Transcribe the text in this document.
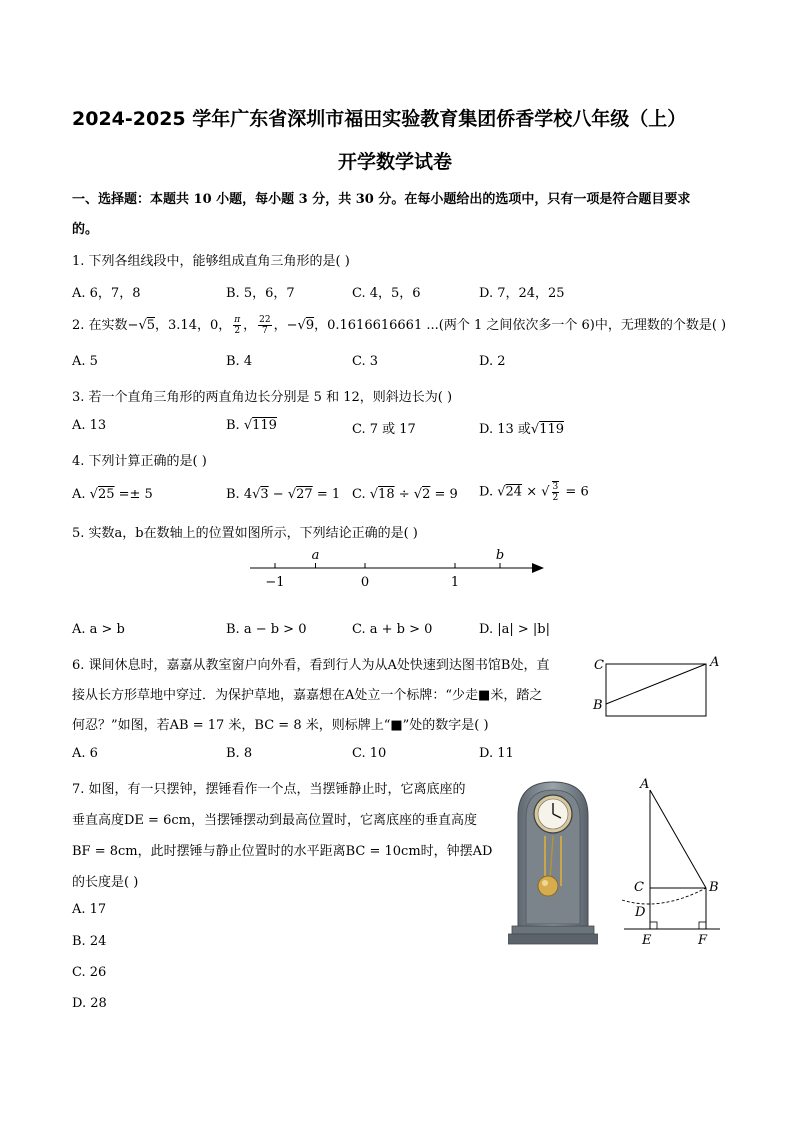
2024-2025 学年广东省深圳市福田实验教育集团侨香学校八年级（上）
开学数学试卷
一、选择题：本题共 10 小题，每小题 3 分，共 30 分。在每小题给出的选项中，只有一项是符合题目要求
的。
1. 下列各组线段中，能够组成直角三角形的是( )
A. 6，7，8	B. 5，6，7	C. 4，5，6	D. 7，24，25
2. 在实数−√5，3.14，0， $\frac{\pi}{2}$ ， $\frac{22}{7}$ ，−√9，0.1616616661 ...(两个 1 之间依次多一个 6)中，无理数的个数是( )
A. 5	B. 4	C. 3	D. 2
3. 若一个直角三角形的两直角边长分别是 5 和 12，则斜边长为( )
A. 13	B. √119	C. 7 或 17	D. 13 或√119
4. 下列计算正确的是( )
A. √25 =± 5	B. 4√3 − √27 = 1 C. √18 ÷ √2 = 9 D. √24 × √ $\frac{3}{2} = 6$
5. 实数a，b在数轴上的位置如图所示，下列结论正确的是( )
−1	0	1
a	b
A. a > b	B. a − b > 0	C. a + b > 0	D. |a| > |b|
6. 课间休息时，嘉嘉从教室窗户向外看，看到行人为从A处快速到达图书馆B处，直
接从长方形草地中穿过．为保护草地，嘉嘉想在A处立一个标牌：“少走■米，踏之
何忍？”如图，若AB = 17 米，BC = 8 米，则标牌上“■”处的数字是( )
C	A
B
A. 6	B. 8	C. 10	D. 11
7. 如图，有一只摆钟，摆锤看作一个点，当摆锤静止时，它离底座的
垂直高度DE = 6cm，当摆锤摆动到最高位置时，它离底座的垂直高度
BF = 8cm，此时摆锤与静止位置时的水平距离BC = 10cm时，钟摆AD
的长度是( )
A. 17
B. 24
C. 26
D. 28
A
C	B
D
E	F
